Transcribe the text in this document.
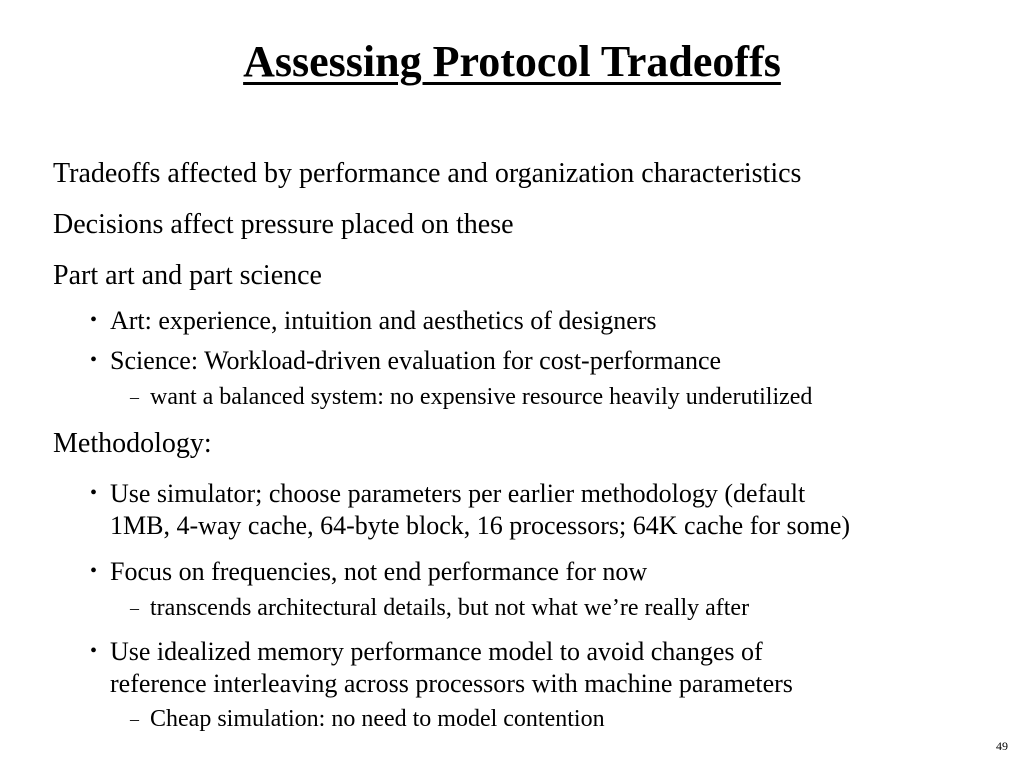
Assessing Protocol Tradeoffs
Tradeoffs affected by performance and organization characteristics
Decisions affect pressure placed on these
Part art and part science
• Art: experience, intuition and aesthetics of designers
• Science: Workload-driven evaluation for cost-performance
– want a balanced system: no expensive resource heavily underutilized
Methodology:
• Use simulator; choose parameters per earlier methodology (default
1MB, 4-way cache, 64-byte block, 16 processors; 64K cache for some)
• Focus on frequencies, not end performance for now
– transcends architectural details, but not what we’re really after
• Use idealized memory performance model to avoid changes of
reference interleaving across processors with machine parameters
– Cheap simulation: no need to model contention
49
